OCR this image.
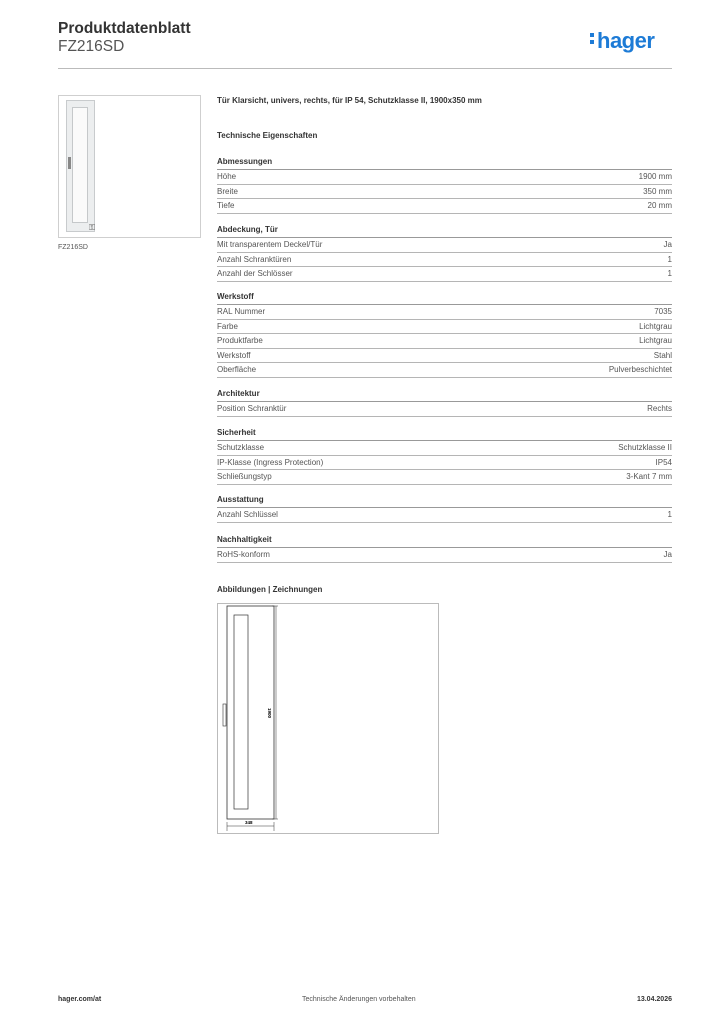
Produktdatenblatt
FZ216SD	hager
⚿
FZ216SD
Tür Klarsicht, univers, rechts, für IP 54, Schutzklasse II, 1900x350 mm
Technische Eigenschaften
Abmessungen
Höhe	1900 mm
Breite	350 mm
Tiefe	20 mm
Abdeckung, Tür
Mit transparentem Deckel/Tür	Ja
Anzahl Schranktüren	1
Anzahl der Schlösser	1
Werkstoff
RAL Nummer	7035
Farbe	Lichtgrau
Produktfarbe	Lichtgrau
Werkstoff	Stahl
Oberfläche	Pulverbeschichtet
Architektur
Position Schranktür	Rechts
Sicherheit
Schutzklasse	Schutzklasse II
IP-Klasse (Ingress Protection)	IP54
Schließungstyp	3-Kant 7 mm
Ausstattung
Anzahl Schlüssel	1
Nachhaltigkeit
RoHS-konform	Ja
Abbildungen | Zeichnungen
1900
348
hager.com/at	Technische Änderungen vorbehalten	13.04.2026
